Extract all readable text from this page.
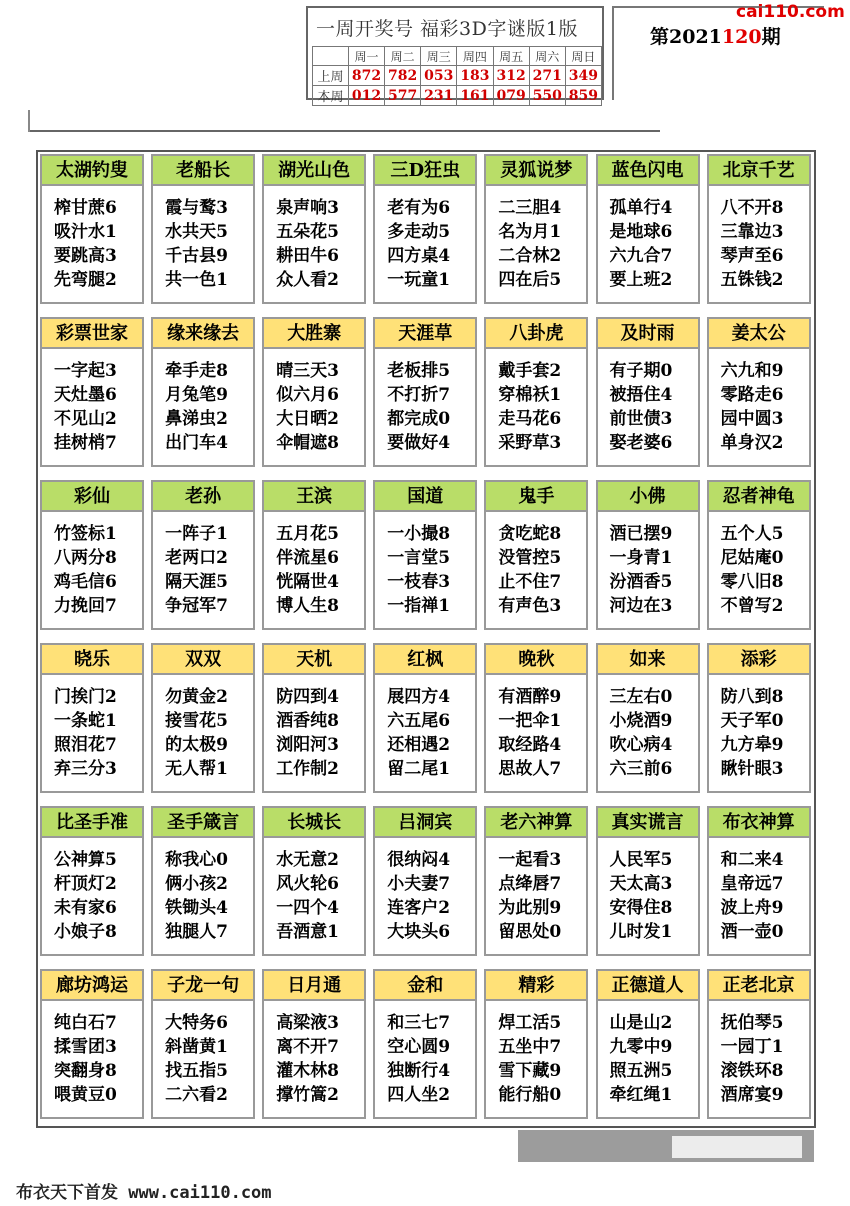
一周开奖号 福彩3D字谜版1版
	周一	周二	周三	周四	周五	周六	周日
上周	872	782	053	183	312	271	349
本周	012	577	231	161	079	550	859
第2021120期
cai110.com
太湖钓叟
榨甘蔗6
吸汁水1
要跳高3
先弯腿2
老船长
霞与鹜3
水共天5
千古县9
共一色1
湖光山色
泉声响3
五朵花5
耕田牛6
众人看2
三D狂虫
老有为6
多走动5
四方桌4
一玩童1
灵狐说梦
二三胆4
名为月1
二合林2
四在后5
蓝色闪电
孤单行4
是地球6
六九合7
要上班2
北京千艺
八不开8
三靠边3
琴声至6
五铢钱2
彩票世家
一字起3
天灶墨6
不见山2
挂树梢7
缘来缘去
牵手走8
月兔笔9
鼻涕虫2
出门车4
大胜寨
晴三天3
似六月6
大日晒2
伞帽遮8
天涯草
老板排5
不打折7
都完成0
要做好4
八卦虎
戴手套2
穿棉袄1
走马花6
采野草3
及时雨
有子期0
被捂住4
前世债3
娶老婆6
姜太公
六九和9
零路走6
园中圆3
单身汉2
彩仙
竹签标1
八两分8
鸡毛信6
力挽回7
老孙
一阵子1
老两口2
隔天涯5
争冠军7
王滨
五月花5
伴流星6
恍隔世4
博人生8
国道
一小撮8
一言堂5
一枝春3
一指禅1
鬼手
贪吃蛇8
没管控5
止不住7
有声色3
小佛
酒已摆9
一身青1
汾酒香5
河边在3
忍者神龟
五个人5
尼姑庵0
零八旧8
不曾写2
晓乐
门挨门2
一条蛇1
照泪花7
弃三分3
双双
勿黄金2
接雪花5
的太极9
无人帮1
天机
防四到4
酒香纯8
浏阳河3
工作制2
红枫
展四方4
六五尾6
还相遇2
留二尾1
晚秋
有酒醉9
一把伞1
取经路4
思故人7
如来
三左右0
小烧酒9
吹心病4
六三前6
添彩
防八到8
天子军0
九方皋9
瞅针眼3
比圣手准
公神算5
杆顶灯2
未有家6
小娘子8
圣手箴言
称我心0
俩小孩2
铁锄头4
独腿人7
长城长
水无意2
风火轮6
一四个4
吾酒意1
吕洞宾
很纳闷4
小夫妻7
连客户2
大块头6
老六神算
一起看3
点绛唇7
为此别9
留思处0
真实谎言
人民军5
天太高3
安得住8
儿时发1
布衣神算
和二来4
皇帝远7
波上舟9
酒一壶0
廊坊鸿运
纯白石7
揉雪团3
突翻身8
喂黄豆0
子龙一句
大特务6
斜凿黄1
找五指5
二六看2
日月通
高梁液3
离不开7
灌木林8
撑竹篙2
金和
和三七7
空心圆9
独断行4
四人坐2
精彩
焊工活5
五坐中7
雪下藏9
能行船0
正德道人
山是山2
九零中9
照五洲5
牵红绳1
正老北京
抚伯琴5
一园丁1
滚铁环8
酒席宴9
布衣天下首发 www.cai110.com
